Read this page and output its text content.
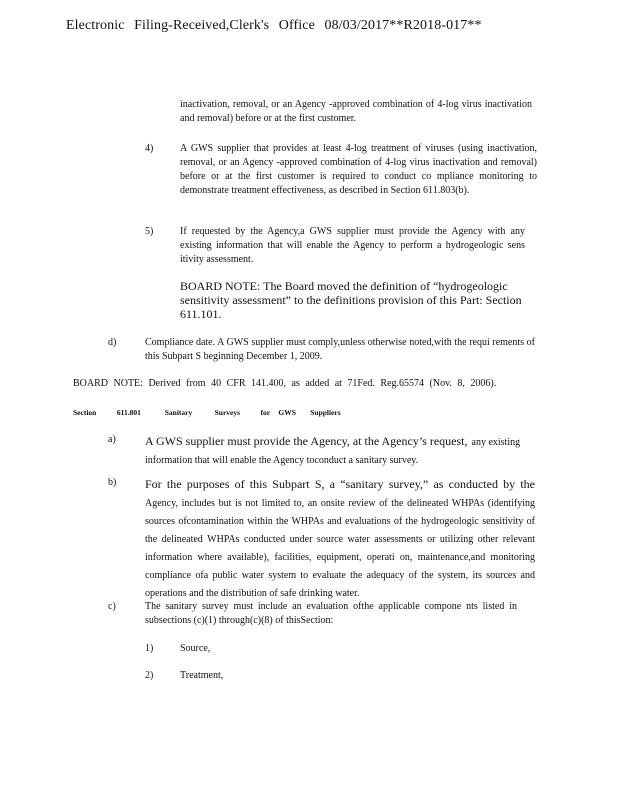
Electronic Filing-Received,Clerk's Office 08/03/2017**R2018-017**
inactivation, removal, or an Agency -approved combination of 4-log virus inactivation and removal) before or at the first customer.
4)	A GWS supplier that provides at least 4-log treatment of viruses (using inactivation, removal, or an Agency -approved combination of 4-log virus inactivation and removal) before or at the first customer is required to conduct co mpliance monitoring to demonstrate treatment effectiveness, as described in Section 611.803(b).
5)	If requested by the Agency,a GWS supplier must provide the Agency with any existing information that will enable the Agency to perform a hydrogeologic sens itivity assessment.
BOARD NOTE: The Board moved the definition of “hydrogeologic sensitivity assessment” to the definitions provision of this Part: Section 611.101.
d)	Compliance date. A GWS supplier must comply,unless otherwise noted,with the requi rements of this Subpart S beginning December 1, 2009.
BOARD NOTE: Derived from 40 CFR 141.400, as added at 71Fed. Reg.65574 (Nov. 8, 2006).
Section	611.801	Sanitary	Surveys	for GWS Suppliers
a) A GWS supplier must provide the Agency, at the Agency’s request, any existing information that will enable the Agency toconduct a sanitary survey.
b) For the purposes of this Subpart S, a “sanitary survey,” as conducted by the Agency, includes but is not limited to, an onsite review of the delineated WHPAs (identifying sources ofcontamination within the WHPAs and evaluations of the hydrogeologic sensitivity of the delineated WHPAs conducted under source water assessments or utilizing other relevant information where available), facilities, equipment, operati on, maintenance,and monitoring compliance ofa public water system to evaluate the adequacy of the system, its sources and operations and the distribution of safe drinking water.
c)	The sanitary survey must include an evaluation ofthe applicable compone nts listed in subsections (c)(1) through(c)(8) of thisSection:
1)	Source,
2)	Treatment,
